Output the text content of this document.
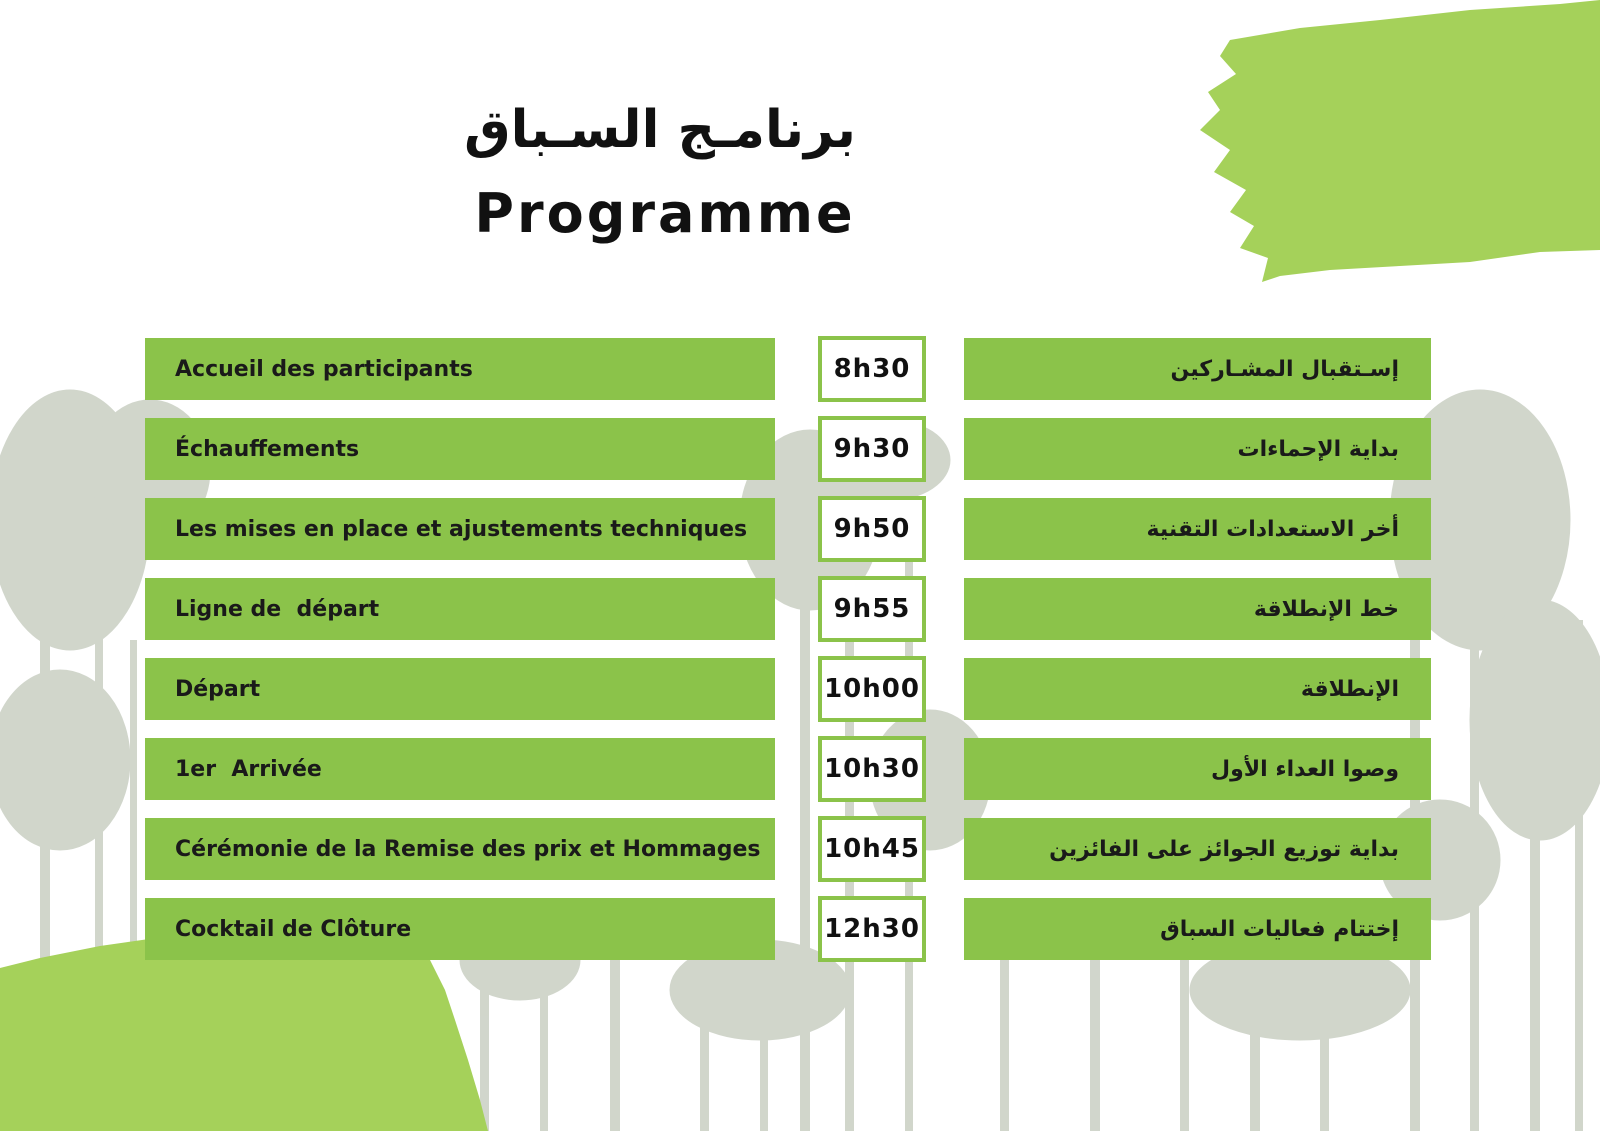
برنامـج السـباق
Programme
Accueil des participants	8h30	إسـتقبال المشـاركين
Échauffements	9h30	بداية الإحماءات
Les mises en place et ajustements techniques	9h50	أخر الاستعدادات التقنية
Ligne de  départ	9h55	خط الإنطلاقة
Départ	10h00	الإنطلاقة
1er  Arrivée	10h30	وصوا العداء الأول
Cérémonie de la Remise des prix et Hommages	10h45	بداية توزيع الجوائز على الفائزين
Cocktail de Clôture	12h30	إختتام فعاليات السباق
